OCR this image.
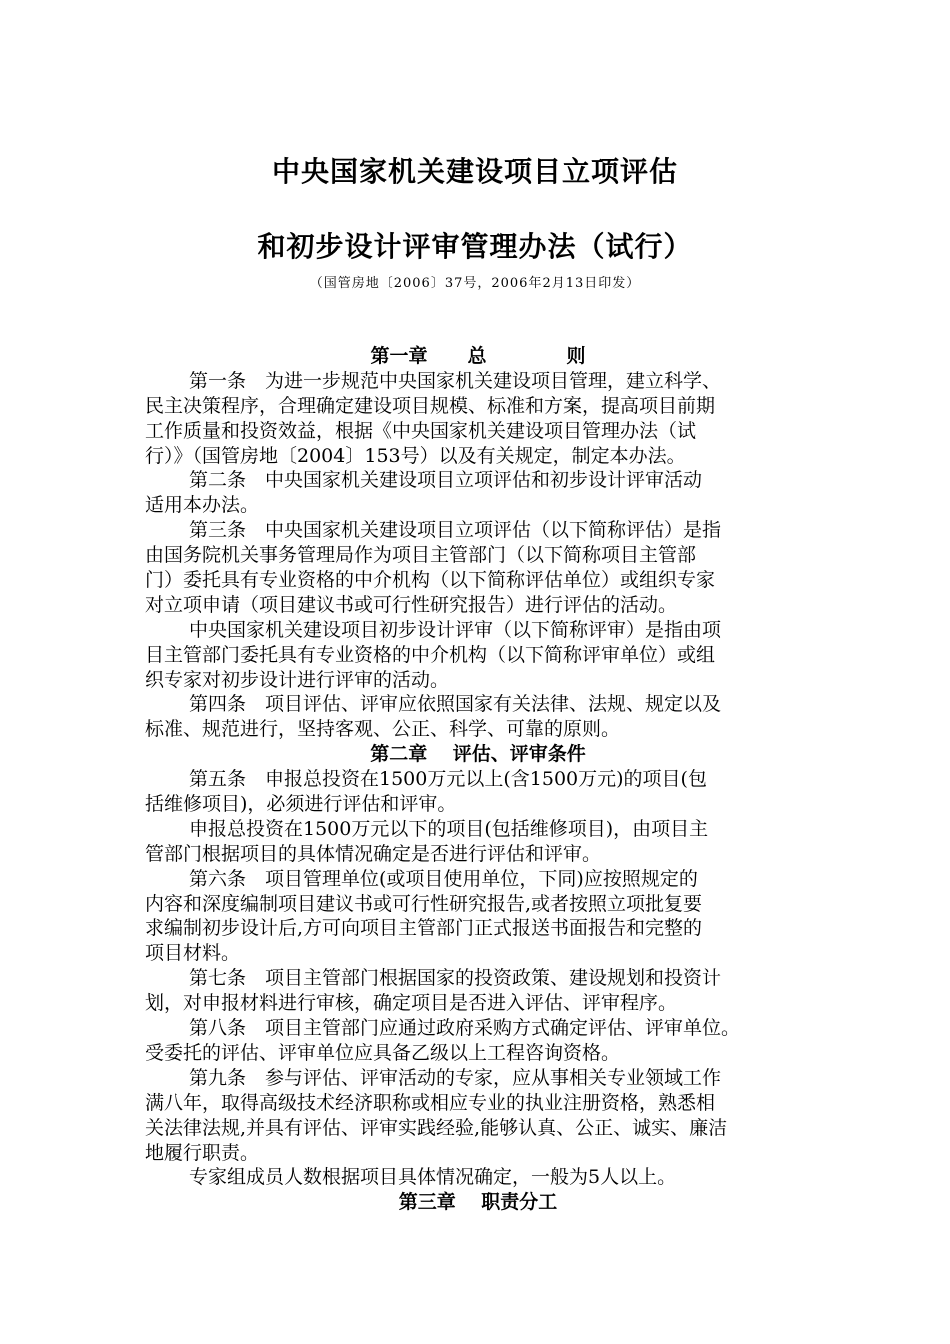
中央国家机关建设项目立项评估
和初步设计评审管理办法（试行）
（国管房地〔2006〕37号，2006年2月13日印发）
第一章 总	则
第一条　为进一步规范中央国家机关建设项目管理，建立科学、
民主决策程序，合理确定建设项目规模、标准和方案，提高项目前期
工作质量和投资效益，根据《中央国家机关建设项目管理办法（试
行）》（国管房地〔2004〕153号）以及有关规定，制定本办法。
第二条　中央国家机关建设项目立项评估和初步设计评审活动
适用本办法。
第三条　中央国家机关建设项目立项评估（以下简称评估）是指
由国务院机关事务管理局作为项目主管部门（以下简称项目主管部
门）委托具有专业资格的中介机构（以下简称评估单位）或组织专家
对立项申请（项目建议书或可行性研究报告）进行评估的活动。
中央国家机关建设项目初步设计评审（以下简称评审）是指由项
目主管部门委托具有专业资格的中介机构（以下简称评审单位）或组
织专家对初步设计进行评审的活动。
第四条　项目评估、评审应依照国家有关法律、法规、规定以及
标准、规范进行，坚持客观、公正、科学、可靠的原则。
第二章　 评估、评审条件
第五条　申报总投资在1500万元以上(含1500万元)的项目(包
括维修项目)，必须进行评估和评审。
申报总投资在1500万元以下的项目(包括维修项目)，由项目主
管部门根据项目的具体情况确定是否进行评估和评审。
第六条　项目管理单位(或项目使用单位，下同)应按照规定的
内容和深度编制项目建议书或可行性研究报告,或者按照立项批复要
求编制初步设计后,方可向项目主管部门正式报送书面报告和完整的
项目材料。
第七条　项目主管部门根据国家的投资政策、建设规划和投资计
划，对申报材料进行审核，确定项目是否进入评估、评审程序。
第八条　项目主管部门应通过政府采购方式确定评估、评审单位。
受委托的评估、评审单位应具备乙级以上工程咨询资格。
第九条　参与评估、评审活动的专家，应从事相关专业领域工作
满八年，取得高级技术经济职称或相应专业的执业注册资格，熟悉相
关法律法规,并具有评估、评审实践经验,能够认真、公正、诚实、廉洁
地履行职责。
专家组成员人数根据项目具体情况确定，一般为5人以上。
第三章　 职责分工
